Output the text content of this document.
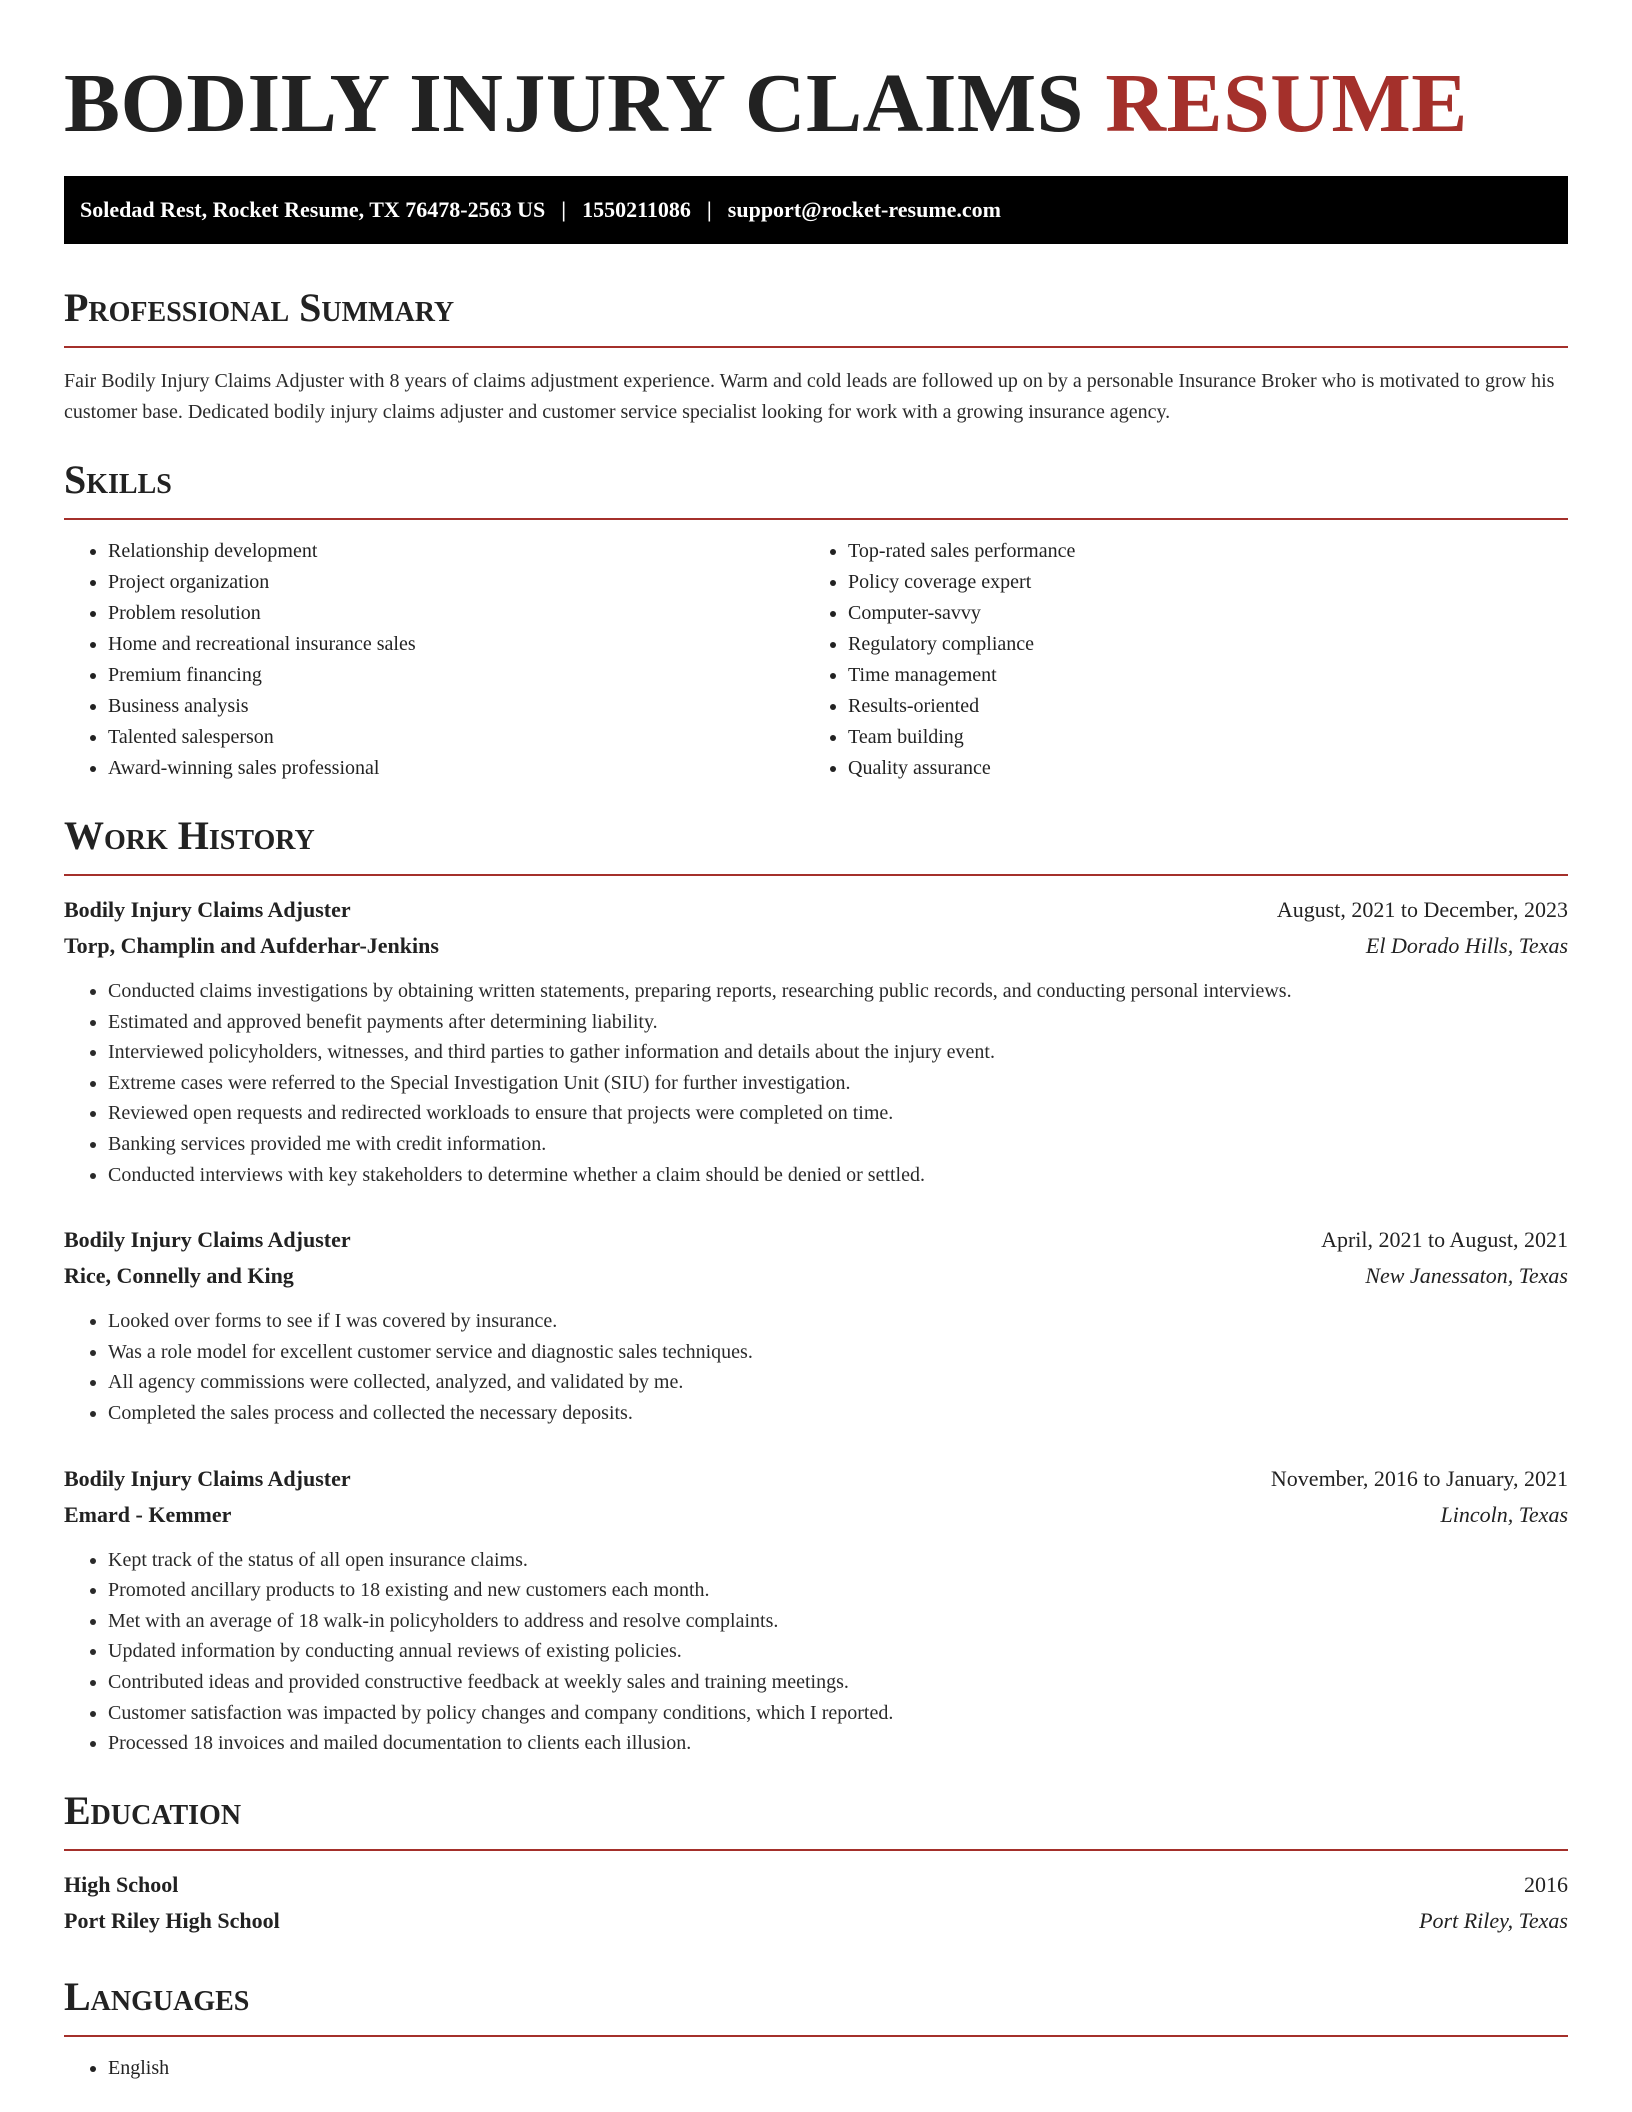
BODILY INJURY CLAIMS RESUME
Soledad Rest, Rocket Resume, TX 76478-2563 US | 1550211086 | support@rocket-resume.com
Professional Summary

Fair Bodily Injury Claims Adjuster with 8 years of claims adjustment experience. Warm and cold leads are followed up on by a personable Insurance Broker who is motivated to grow his customer base. Dedicated bodily injury claims adjuster and customer service specialist looking for work with a growing insurance agency.

Skills
• Relationship development
• Project organization
• Problem resolution
• Home and recreational insurance sales
• Premium financing
• Business analysis
• Talented salesperson
• Award-winning sales professional
• Top-rated sales performance
• Policy coverage expert
• Computer-savvy
• Regulatory compliance
• Time management
• Results-oriented
• Team building
• Quality assurance
Work History
Bodily Injury Claims Adjuster	August, 2021 to December, 2023
Torp, Champlin and Aufderhar-Jenkins	El Dorado Hills, Texas
• Conducted claims investigations by obtaining written statements, preparing reports, researching public records, and conducting personal interviews.
• Estimated and approved benefit payments after determining liability.
• Interviewed policyholders, witnesses, and third parties to gather information and details about the injury event.
• Extreme cases were referred to the Special Investigation Unit (SIU) for further investigation.
• Reviewed open requests and redirected workloads to ensure that projects were completed on time.
• Banking services provided me with credit information.
• Conducted interviews with key stakeholders to determine whether a claim should be denied or settled.
Bodily Injury Claims Adjuster	April, 2021 to August, 2021
Rice, Connelly and King	New Janessaton, Texas
• Looked over forms to see if I was covered by insurance.
• Was a role model for excellent customer service and diagnostic sales techniques.
• All agency commissions were collected, analyzed, and validated by me.
• Completed the sales process and collected the necessary deposits.
Bodily Injury Claims Adjuster	November, 2016 to January, 2021
Emard - Kemmer	Lincoln, Texas
• Kept track of the status of all open insurance claims.
• Promoted ancillary products to 18 existing and new customers each month.
• Met with an average of 18 walk-in policyholders to address and resolve complaints.
• Updated information by conducting annual reviews of existing policies.
• Contributed ideas and provided constructive feedback at weekly sales and training meetings.
• Customer satisfaction was impacted by policy changes and company conditions, which I reported.
• Processed 18 invoices and mailed documentation to clients each illusion.
Education
High School	2016
Port Riley High School	Port Riley, Texas
Languages
• English
